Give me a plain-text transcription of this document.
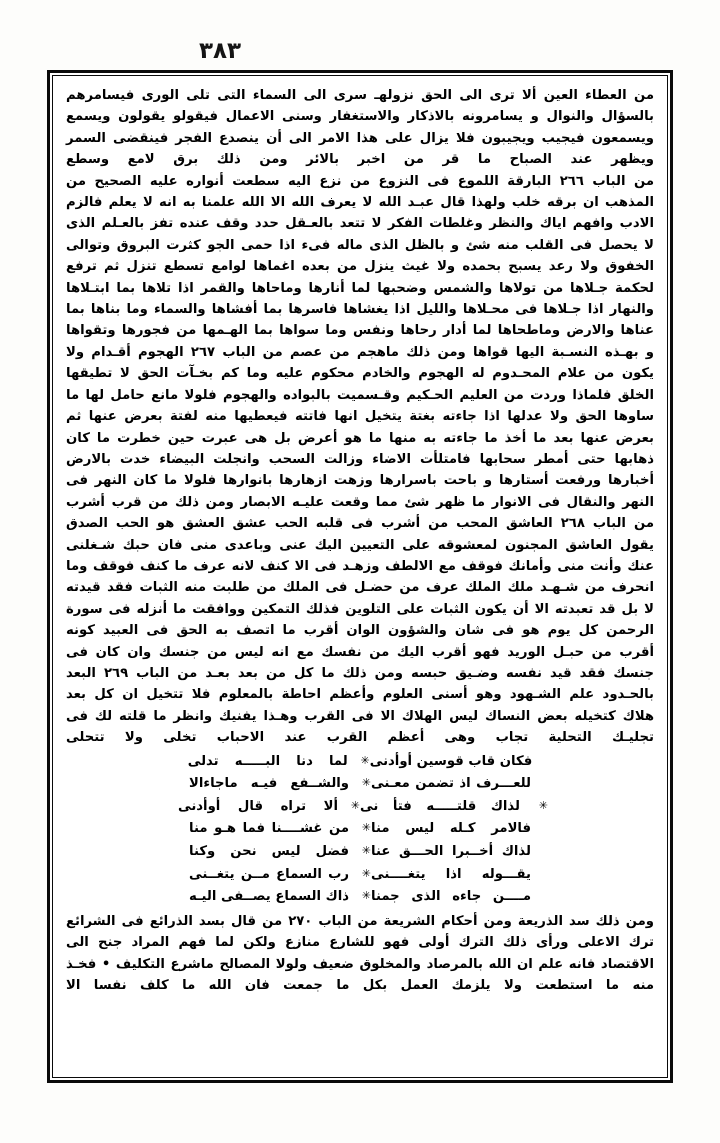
٣٨٣

من العطاء العين ألا ترى الى الحق نزولهـ سرى الى السماء التى تلى الورى فيسامرهم بالسؤال والنوال و يسامرونه بالاذكار والاستغفار وسنى الاعمال فيقولو يقولون ويسمع ويسمعون فيجيب ويجيبون فلا يزال على هذا الامر الى أن ينصدع الفجر فينقضى السمر ويظهر عند الصباح ما قر من اخبر بالائر ومن ذلك برق لامع وسطع

من الباب ٢٦٦ البارقة اللموع فى النزوع من نزع اليه سطعت أنواره عليه الصحيح من المذهب ان برقه خلب ولهذا قال عبـد الله لا يعرف الله الا الله علمنا به انه لا يعلم فالزم الادب وافهم اياك والنظر وغلطات الفكر لا تتعد بالعـقل حدد وقف عنده تفز بالعـلم الذى لا يحصل فى القلب منه شئ و بالظل الذى ماله فىء اذا حمى الجو كثرت البروق وتوالى الخفوق ولا رعد يسبح بحمده ولا غيث ينزل من بعده اغماها لوامع تسطع تنزل ثم ترفع لحكمة جـلاها من تولاها والشمس وضحبها لما أنارها وماحاها والقمر اذا تلاها بما ابتـلاها والنهار اذا جـلاها فى محـلاها والليل اذا يغشاها فاسرها بما أفشاها والسماء وما بناها بما عناها والارض وماطحاها لما أدار رحاها ونفس وما سواها بما الهـمها من فجورها وتقواها و بهـذه النسـبة اليها قواها ومن ذلك ماهجم من عصم من الباب ٢٦٧ الهجوم أقـدام ولا يكون من علام المحـدوم له الهجوم والخادم محكوم عليه وما كم بخـآت الحق لا تطيقها الخلق فلماذا وردت من العليم الحـكيم وقـسميت بالبواده والهجوم فلولا مانع حامل لها ما ساوها الحق ولا عدلها اذا جاءته بغتة يتخيل انها فاتته فيعطيها منه لفتة بعرض عنها ثم بعرض عنها بعد ما أخذ ما جاءته به منها ما هو أعرض بل هى عبرت حين خطرت ما كان ذهابها حتى أمطر سحابها فامتلأت الاضاء وزالت السحب وانجلت البيضاء خدت بالارض أخبارها ورفعت أستارها و باحت باسرارها وزهت ازهارها بانوارها فلولا ما كان النهر فى النهر والنقال فى الانوار ما ظهر شئ مما وقعت عليـه الابصار ومن ذلك من قرب أشرب من الباب ٢٦٨ العاشق المحب من أشرب فى قلبه الحب عشق العشق هو الحب الصدق يقول العاشق المجنون لمعشوقه على التعيين اليك عنى وباعدى منى فان حبك شـغلنى عنك وأنت منى وأمانك فوقف مع الالطف وزهـد فى الا كنف لانه عرف ما كنف فوقف وما انحرف من شـهـد ملك الملك عرف من حضـل فى الملك من طلبت منه الثبات فقد قيدته لا بل قد تعبدته الا أن يكون الثبات على التلوين فذلك التمكين ووافقت ما أنزله فى سورة الرحمن كل يوم هو فى شان والشؤون الوان أقرب ما اتصف به الحق فى العبيد كونه أقرب من حبـل الوريد فهو أقرب اليك من نفسك مع انه ليس من جنسك وان كان فى جنسك فقد قيد نفسه وضـيق حبسه ومن ذلك ما كل من بعد بعـد من الباب ٢٦٩ البعد بالحـدود علم الشـهود وهو أسنى العلوم وأعظم احاطة بالمعلوم فلا تتخيل ان كل بعد هلاك كتخيله بعض النساك ليس الهلاك الا فى القرب وهـذا يفنيك وانظر ما قلته لك فى تجليـك التحلية تجاب وهى أعظم القرب عند الاحباب تخلى ولا تتحلى

فكان قاب قوسين أوأدنى
✳
لما دنا البـــــه تدلى
للعـــرف اذ تضمن معـنى
✳
والشــفع فيـه ماجاءالا
✳
لذاك قلتـــــه فتأ نى
✳
ألا تراه قال أوأدنى
فالامر كـله ليس منا
✳
من غشــــنا فما هـو منا
لذاك أخــبرا الحـــق عنا
✳
فضل ليس نحن وكنا
يقـــوله اذا يتغــــنى
✳
رب السماع مــن يتغــنى
مــــن جاءه الذى جمنا
✳
ذاك السماع يصــفى اليـه

ومن ذلك سد الذريعة ومن أحكام الشريعة من الباب ٢٧٠ من قال بسد الذرائع فى الشرائع ترك الاعلى ورأى ذلك الترك أولى فهو للشارع منازع ولكن لما فهم المراد جنح الى الاقتصاد فانه علم ان الله بالمرصاد والمخلوق ضعيف ولولا المصالح ماشرع التكليف • فخـذ منه ما استطعت ولا يلزمك العمل بكل ما جمعت فان الله ما كلف نفسا الا
